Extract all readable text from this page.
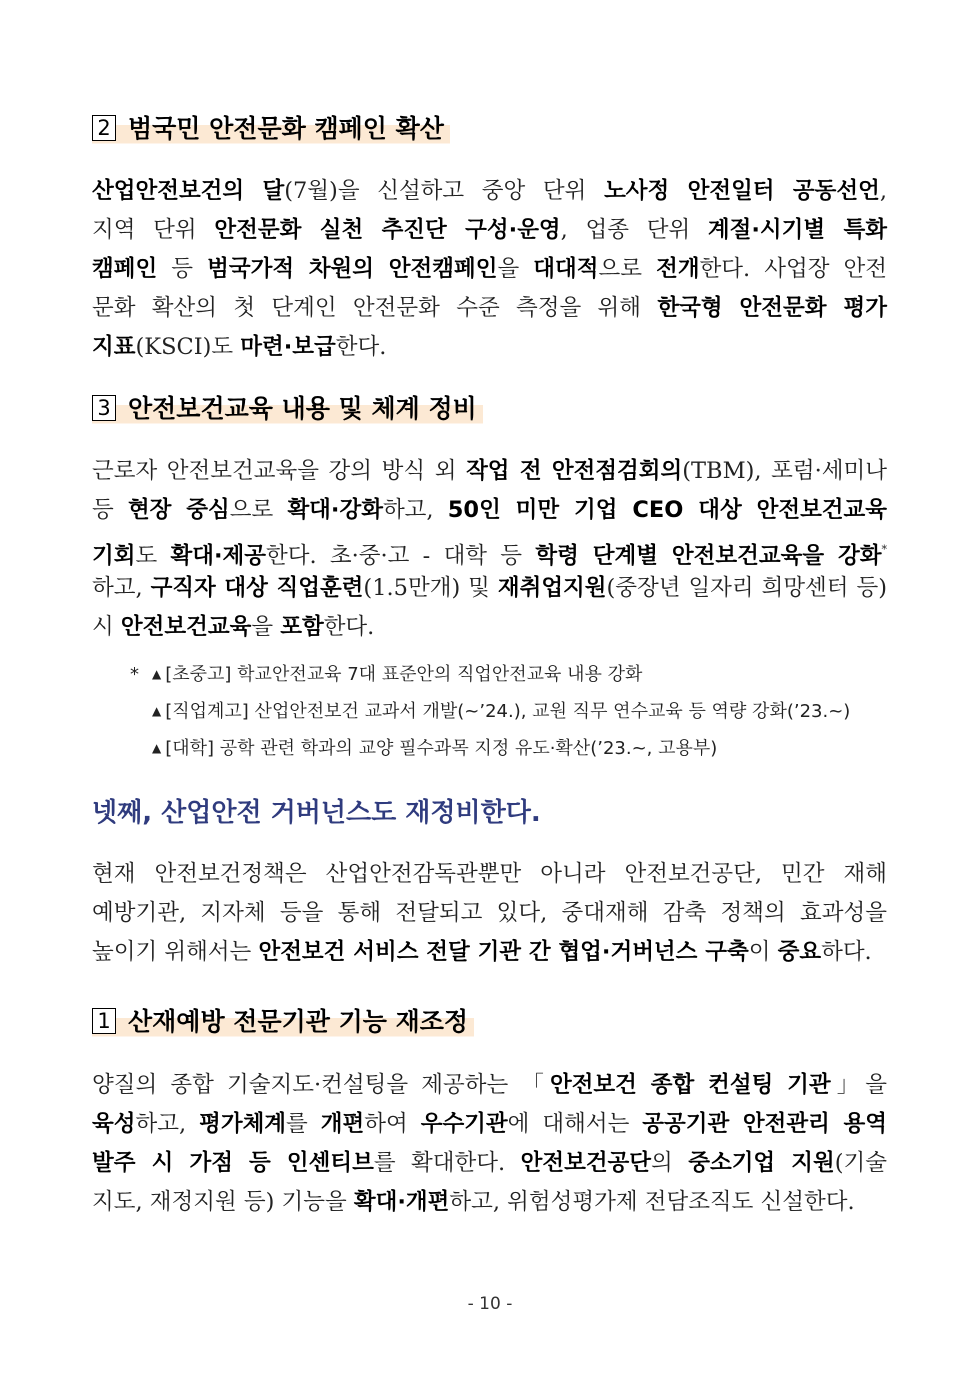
2 범국민 안전문화 캠페인 확산
산업안전보건의 달(7월)을 신설하고 중앙 단위 노사정 안전일터 공동선언,
지역 단위 안전문화 실천 추진단 구성·운영, 업종 단위 계절·시기별 특화
캠페인 등 범국가적 차원의 안전캠페인을 대대적으로 전개한다. 사업장 안전
문화 확산의 첫 단계인 안전문화 수준 측정을 위해 한국형 안전문화 평가
지표(KSCI)도 마련·보급한다.
3 안전보건교육 내용 및 체계 정비
근로자 안전보건교육을 강의 방식 외 작업 전 안전점검회의(TBM), 포럼·세미나
등 현장 중심으로 확대·강화하고, 50인 미만 기업 CEO 대상 안전보건교육
기회도 확대·제공한다. 초·중·고 - 대학 등 학령 단계별 안전보건교육을 강화*
하고, 구직자 대상 직업훈련(1.5만개) 및 재취업지원(중장년 일자리 희망센터 등)
시 안전보건교육을 포함한다.
* ▲ [초중고] 학교안전교육 7대 표준안의 직업안전교육 내용 강화
▲ [직업계고] 산업안전보건 교과서 개발(~’24.), 교원 직무 연수교육 등 역량 강화(’23.~)
▲ [대학] 공학 관련 학과의 교양 필수과목 지정 유도·확산(’23.~, 고용부)
넷째, 산업안전 거버넌스도 재정비한다.
현재 안전보건정책은 산업안전감독관뿐만 아니라 안전보건공단, 민간 재해
예방기관, 지자체 등을 통해 전달되고 있다, 중대재해 감축 정책의 효과성을
높이기 위해서는 안전보건 서비스 전달 기관 간 협업·거버넌스 구축이 중요하다.
1 산재예방 전문기관 기능 재조정
양질의 종합 기술지도·컨설팅을 제공하는 「안전보건 종합 컨설팅 기관」을
육성하고, 평가체계를 개편하여 우수기관에 대해서는 공공기관 안전관리 용역
발주 시 가점 등 인센티브를 확대한다. 안전보건공단의 중소기업 지원(기술
지도, 재정지원 등) 기능을 확대·개편하고, 위험성평가제 전담조직도 신설한다.
- 10 -
